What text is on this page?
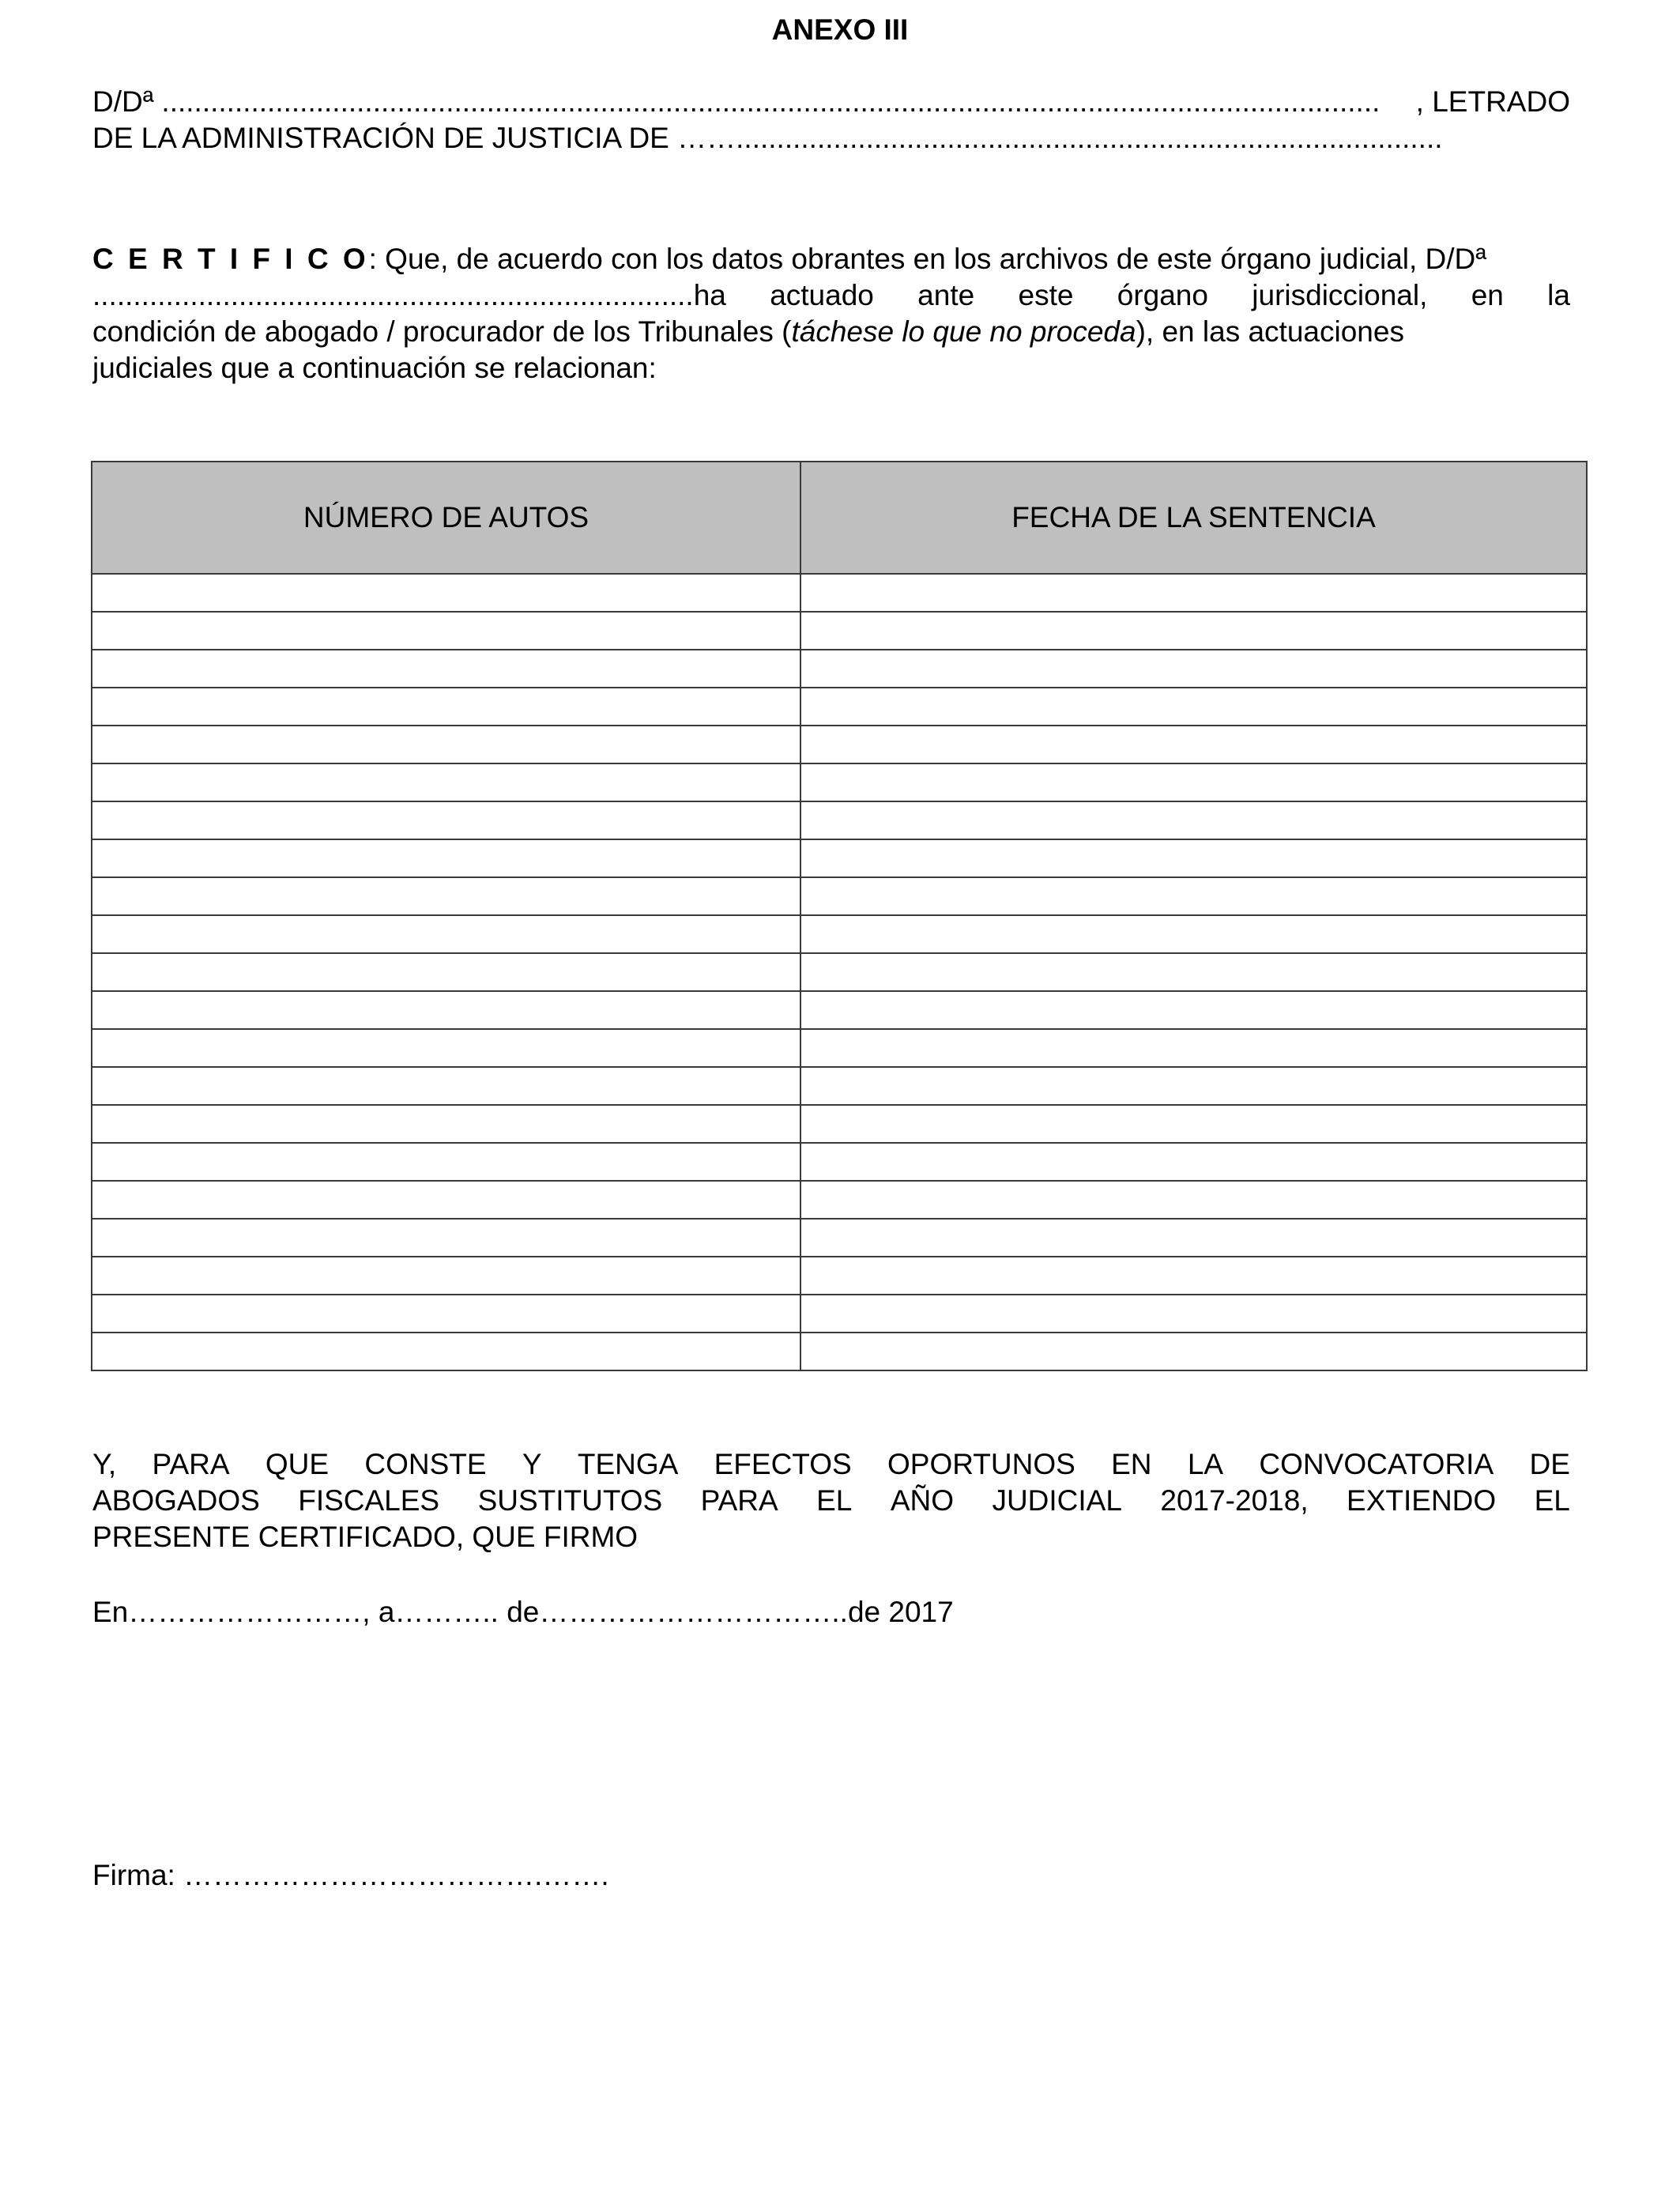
ANEXO III
D/Dª ......................................................................................................................................................	, LETRADO
DE LA ADMINISTRACIÓN DE JUSTICIA DE …….......................................................................................
C E R T I F I C O: Que, de acuerdo con los datos obrantes en los archivos de este órgano judicial, D/Dª
..........................................................................ha actuado ante este órgano jurisdiccional, en la
condición de abogado / procurador de los Tribunales (táchese lo que no proceda), en las actuaciones
judiciales que a continuación se relacionan:
NÚMERO DE AUTOS	FECHA DE LA SENTENCIA

Y, PARA QUE CONSTE Y TENGA EFECTOS OPORTUNOS EN LA CONVOCATORIA DE
ABOGADOS FISCALES SUSTITUTOS PARA EL AÑO JUDICIAL 2017-2018, EXTIENDO EL
PRESENTE CERTIFICADO, QUE FIRMO
En……………………, a……….. de…………………………..de 2017
Firma: ……………………………….…….
